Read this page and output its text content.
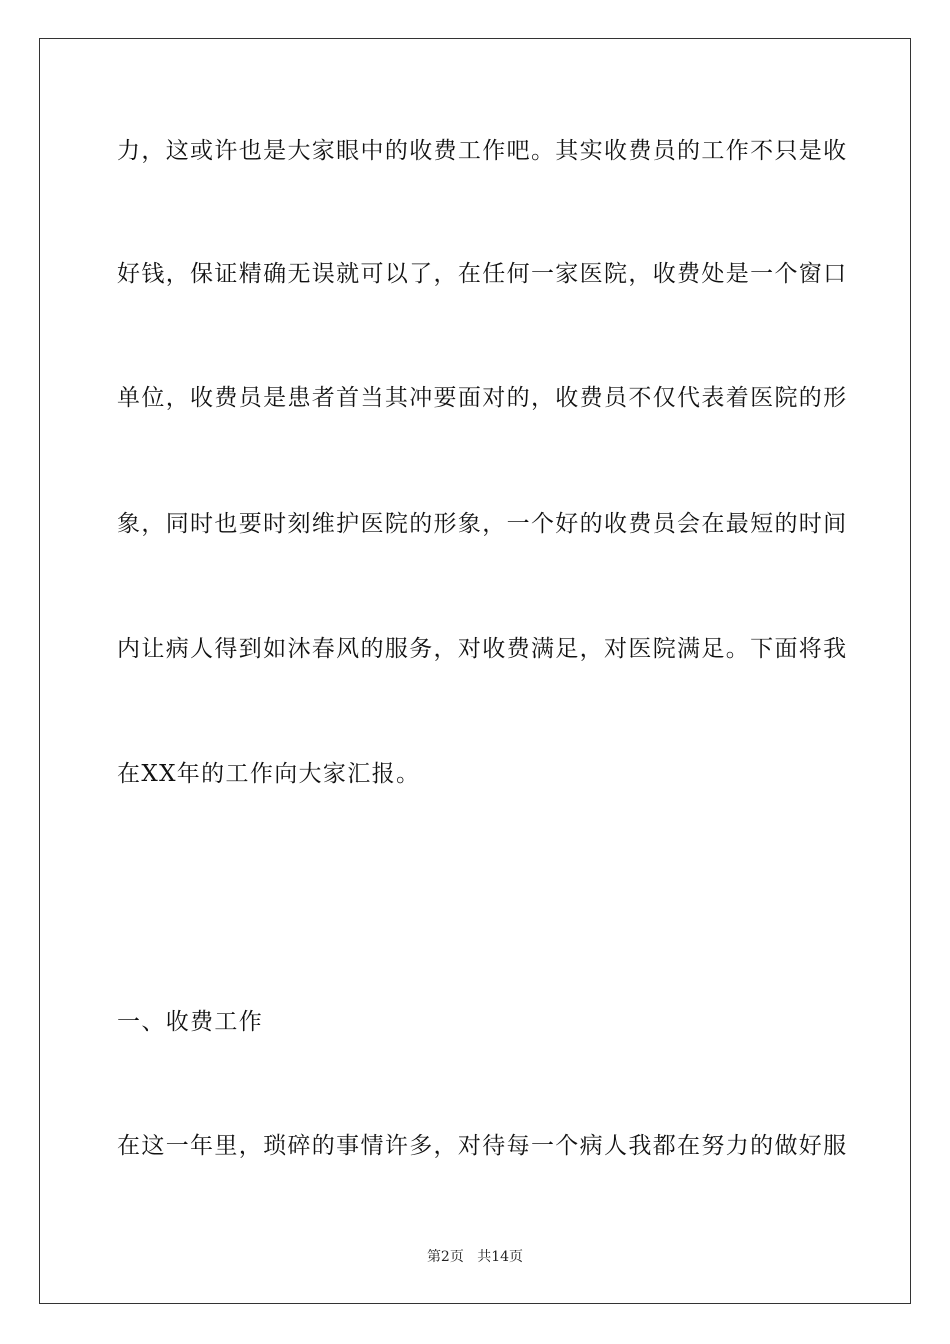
力，这或许也是大家眼中的收费工作吧。其实收费员的工作不只是收
好钱，保证精确无误就可以了，在任何一家医院，收费处是一个窗口
单位，收费员是患者首当其冲要面对的，收费员不仅代表着医院的形
象，同时也要时刻维护医院的形象，一个好的收费员会在最短的时间
内让病人得到如沐春风的服务，对收费满足，对医院满足。下面将我
在XX年的工作向大家汇报。
一、收费工作
在这一年里，琐碎的事情许多，对待每一个病人我都在努力的做好服
第2页 共14页
